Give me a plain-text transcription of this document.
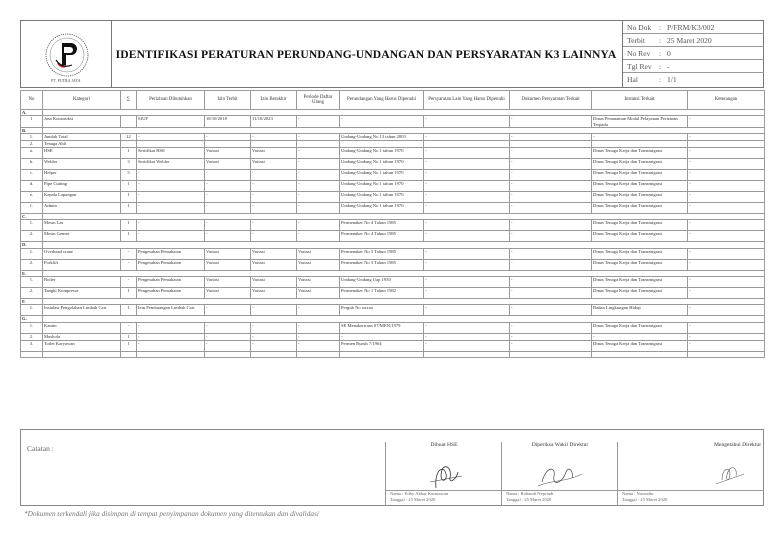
PT. PUTRA JAYA
IDENTIFIKASI PERATURAN PERUNDANG-UNDANGAN DAN PERSYARATAN K3 LAINNYA
No Dok	: P/FRM/K3/002
Terbit	: 25 Maret 2020
No Rev	: 0
Tgl Rev : -
Hal	: 1/1
No	Kategori	∑	Perizinan Dibutuhkan	Izin Terbit	Izin Berakhir	Periode Daftar Ulang	Perundangan Yang Harus Dipenuhi	Persyaratan Lain Yang Harus Dipenuhi	Dokumen Persyaratan Terkait	Instansi Terkait	Keterangan
A.											
1	Jasa Konstruksi		SIUP	18/10/2018	11/10/2023	-	-	-	-	Dinas Penanaman Modal Pelayanan Perizinan Terpadu	-
B.											
1.	Jumlah Total	12	-	-	-	-	Undang-Undang No 13 tahun 2003	-	-	-	-
2.	Tenaga Ahli										
a.	HSE	1	Sertifikat HSE	Variasi	Variasi	-	Undang-Undang No 1 tahun 1970	-	-	Dinas Tenaga Kerja dan Transmigrasi	-
b.	Welder	3	Sertifikat Welder	Variasi	Variasi	-	Undang-Undang No 1 tahun 1970	-	-	Dinas Tenaga Kerja dan Transmigrasi	-
c.	Helper	5	-	-	-	-	Undang-Undang No 1 tahun 1970	-	-	Dinas Tenaga Kerja dan Transmigrasi	-
d.	Pipe Cutting	1	-	-	-	-	Undang-Undang No 1 tahun 1970	-	-	Dinas Tenaga Kerja dan Transmigrasi	-
e.	Kepala Lapangan	1	-	-	-	-	Undang-Undang No 1 tahun 1970	-	-	Dinas Tenaga Kerja dan Transmigrasi	-
f.	Admin	1	-	-	-	-	Undang-Undang No 1 tahun 1970	-	-	Dinas Tenaga Kerja dan Transmigrasi	-
C.											
1.	Mesin Las	1	-	-	-	-	Permenaker No 4 Tahun 1985	-	-	Dinas Tenaga Kerja dan Transmigrasi	-
2.	Mesin Genset	1	-	-	-	-	Permenaker No 4 Tahun 1985	-	-	Dinas Tenaga Kerja dan Transmigrasi	-
D.											
1.	Overhead crane	-	Pengesahan Pemakaian	Variasi	Variasi	Variasi	Permenaker No 5 Tahun 1985	-	-	Dinas Tenaga Kerja dan Transmigrasi	-
2.	Forklift	-	Pengesahan Pemakaian	Variasi	Variasi	Variasi	Permenaker No 5 Tahun 1985	-	-	Dinas Tenaga Kerja dan Transmigrasi	-
E.											
1.	Boiler	-	Pengesahan Pemakaian	Variasi	Variasi	Variasi	Undang-Undang Uap 1930	-	-	Dinas Tenaga Kerja dan Transmigrasi	-
2.	Tangki Kompresor	1	Pengesahan Pemakaian	Variasi	Variasi	Variasi	Permenaker No 1 Tahun 1982	-	-	Dinas Tenaga Kerja dan Transmigrasi	-
F.											
1.	Instalasi Pengolahan Limbah Cair	1	Izin Pembuangan Limbah Cair	-	-	-	Pergub No xxxxx	-	-	Badan Lingkungan Hidup	-
G.											
1.	Kantin	-	-	-	-	-	SE Menakertrans 07/MEN/1979	-	-	Dinas Tenaga Kerja dan Transmigrasi	-
2.	Mushola	1	-	-	-	-	-	-	-	-	-
3.	Toilet Karyawan	1	-	-	-	-	Permen Buruh 7/1964	-	-	Dinas Tenaga Kerja dan Transmigrasi	-

Catatan :	Dibuat HSE
Nama : Edhy Akbar Kurniawan
Tanggal : 25 Maret 2020
Diperiksa Wakil Direktur
Nama : Rohandi Nepriadi
Tanggal : 25 Maret 2020
Mengetahui Direktur
Nama : Nasrudin
Tanggal : 25 Maret 2020
*Dokumen terkendali jika disimpan di tempat penyimpanan dokumen yang ditentukan dan divalidasi
